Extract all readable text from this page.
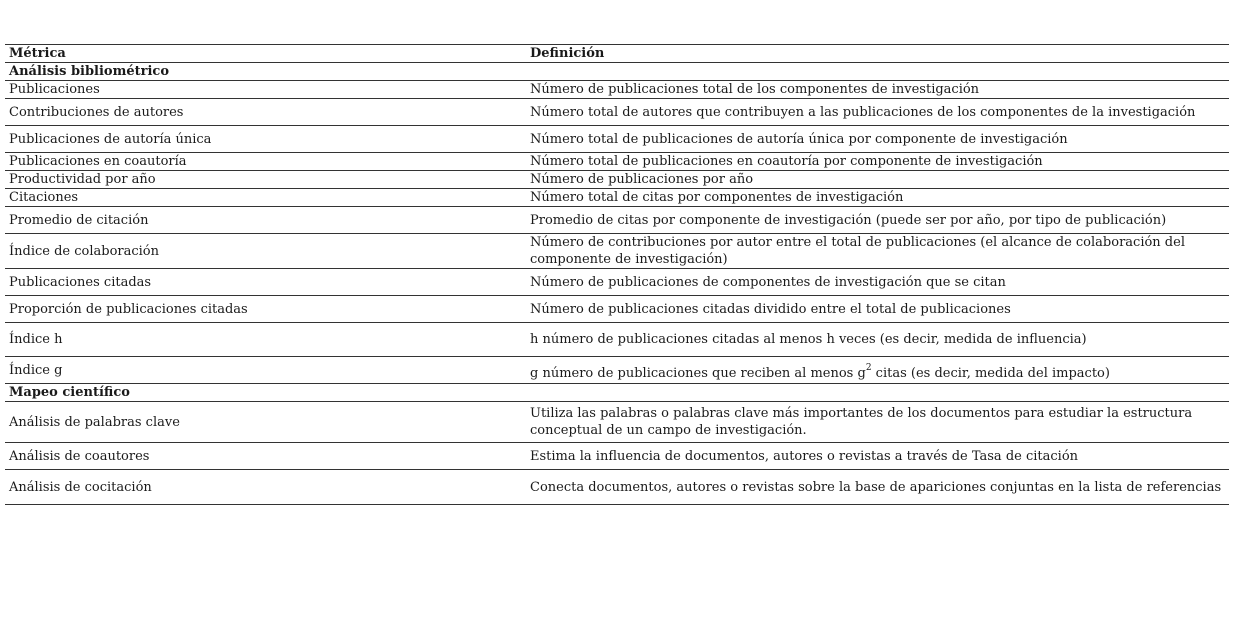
Métrica	Definición
Análisis bibliométrico	
Publicaciones	Número de publicaciones total de los componentes de investigación
Contribuciones de autores	Número total de autores que contribuyen a las publicaciones de los componentes de la investigación
Publicaciones de autoría única	Número total de publicaciones de autoría única por componente de investigación
Publicaciones en coautoría	Número total de publicaciones en coautoría por componente de investigación
Productividad por año	Número de publicaciones por año
Citaciones	Número total de citas por componentes de investigación
Promedio de citación	Promedio de citas por componente de investigación (puede ser por año, por tipo de publicación)
Índice de colaboración	Número de contribuciones por autor entre el total de publicaciones (el alcance de colaboración del componente de investigación)
Publicaciones citadas	Número de publicaciones de componentes de investigación que se citan
Proporción de publicaciones citadas	Número de publicaciones citadas dividido entre el total de publicaciones
Índice h	h número de publicaciones citadas al menos h veces (es decir, medida de influencia)
Índice g	g número de publicaciones que reciben al menos $g^2$ citas (es decir, medida del impacto)
Mapeo científico	
Análisis de palabras clave	Utiliza las palabras o palabras clave más importantes de los documentos para estudiar la estructura conceptual de un campo de investigación.
Análisis de coautores	Estima la influencia de documentos, autores o revistas a través de Tasa de citación
Análisis de cocitación	Conecta documentos, autores o revistas sobre la base de apariciones conjuntas en la lista de referencias
